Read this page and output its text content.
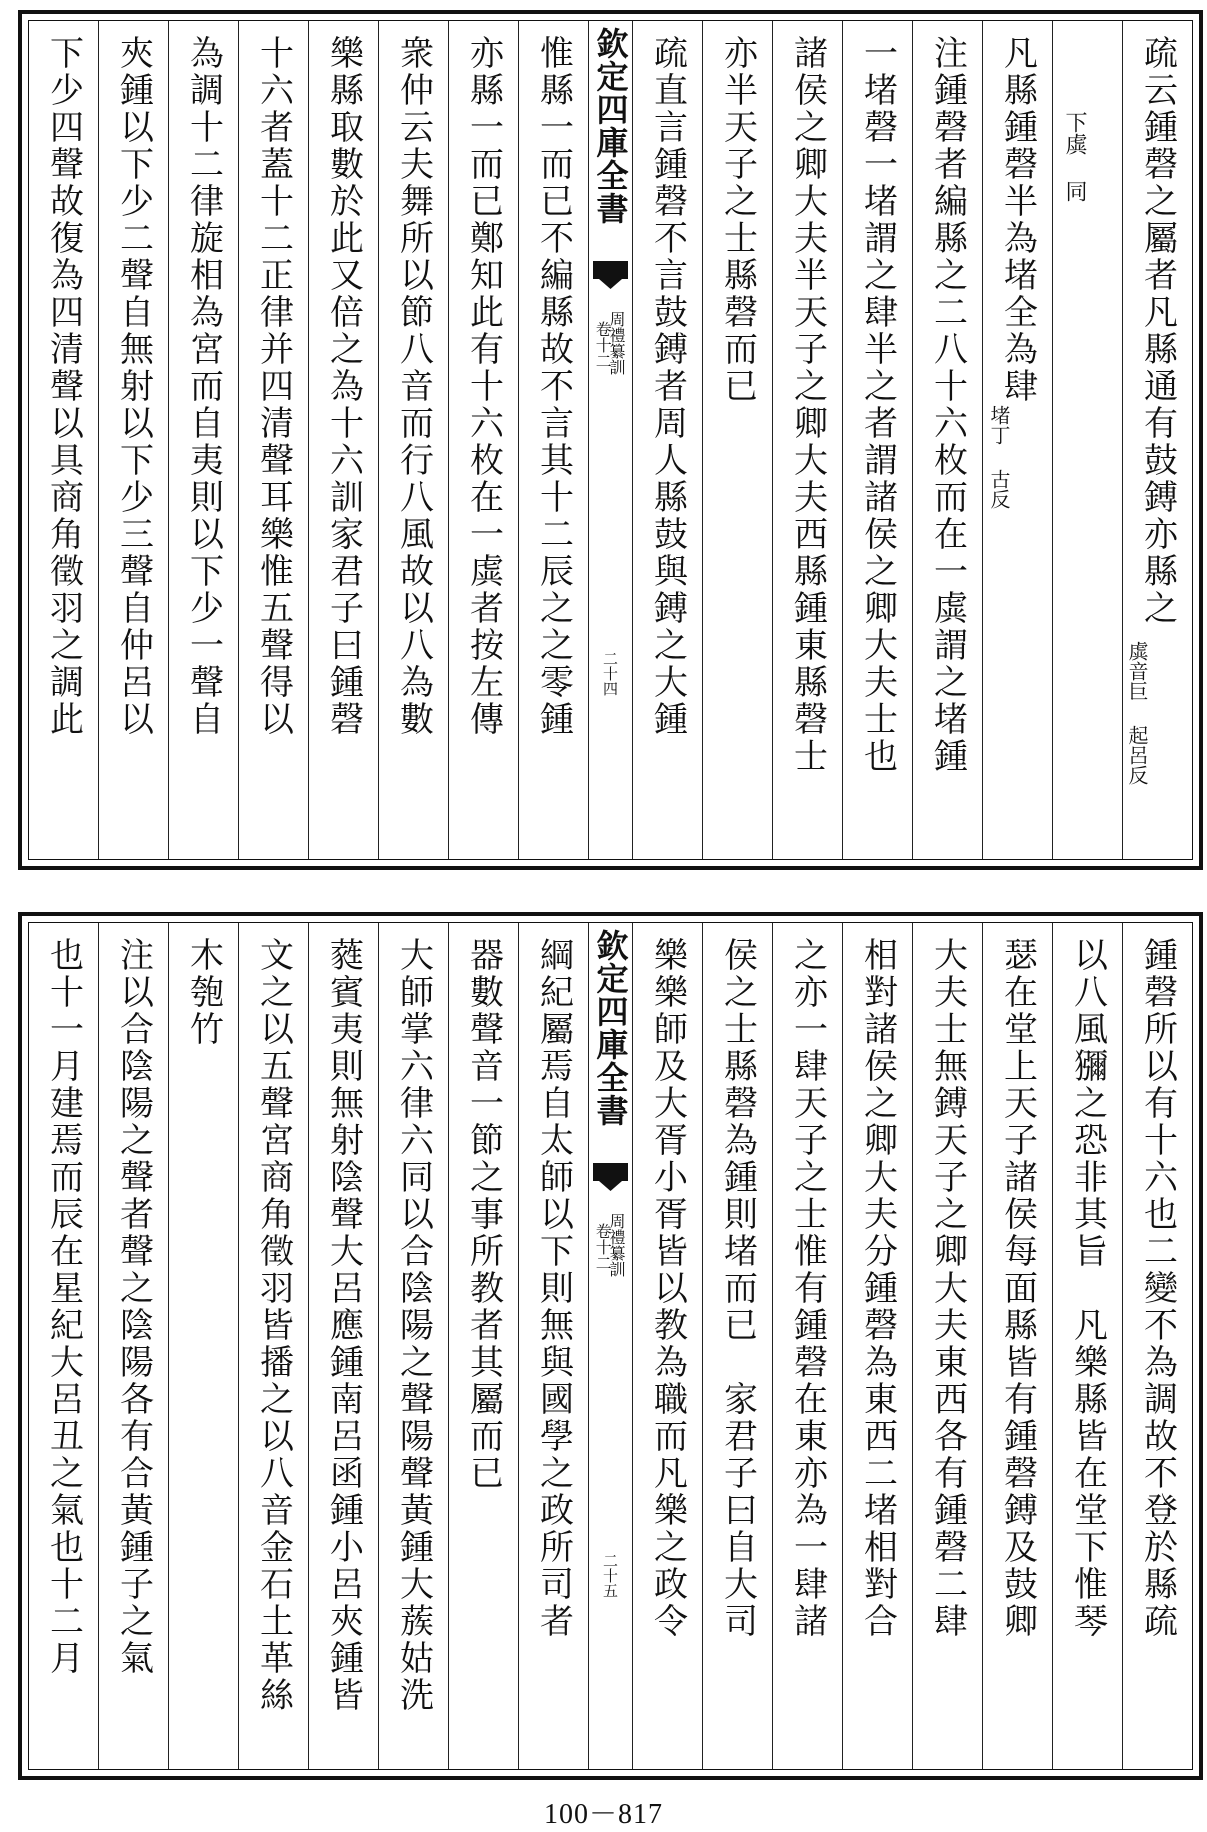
疏云鍾磬之屬者凡縣通有鼓鎛亦縣之
虡音巨 起呂反
下虡 同
凡縣鍾磬半為堵全為肆
堵丁 古反
注鍾磬者編縣之二八十六枚而在一虡謂之堵鍾
一堵磬一堵謂之肆半之者謂諸侯之卿大夫士也
諸侯之卿大夫半天子之卿大夫西縣鍾東縣磬士
亦半天子之士縣磬而已
疏直言鍾磬不言鼓鎛者周人縣鼓與鎛之大鍾
欽定四庫全書
周禮纂訓
卷十二
二十四
惟縣一而已不編縣故不言其十二辰之之零鍾
亦縣一而已鄭知此有十六枚在一虡者按左傳
衆仲云夫舞所以節八音而行八風故以八為數
樂縣取數於此又倍之為十六訓家君子曰鍾磬
十六者蓋十二正律并四清聲耳樂惟五聲得以
為調十二律旋相為宮而自夷則以下少一聲自
夾鍾以下少二聲自無射以下少三聲自仲呂以
下少四聲故復為四清聲以具商角徵羽之調此
鍾磬所以有十六也二變不為調故不登於縣疏
以八風獼之恐非其旨　凡樂縣皆在堂下惟琴
瑟在堂上天子諸侯每面縣皆有鍾磬鎛及鼓卿
大夫士無鎛天子之卿大夫東西各有鍾磬二肆
相對諸侯之卿大夫分鍾磬為東西二堵相對合
之亦一肆天子之士惟有鍾磬在東亦為一肆諸
侯之士縣磬為鍾則堵而已　家君子曰自大司
樂樂師及大胥小胥皆以教為職而凡樂之政令
欽定四庫全書
周禮纂訓
卷十二
二十五
綱紀屬焉自太師以下則無與國學之政所司者
器數聲音一節之事所教者其屬而已
大師掌六律六同以合陰陽之聲陽聲黃鍾大蔟姑洗
蕤賓夷則無射陰聲大呂應鍾南呂函鍾小呂夾鍾皆
文之以五聲宮商角徵羽皆播之以八音金石土革絲
木匏竹
注以合陰陽之聲者聲之陰陽各有合黃鍾子之氣
也十一月建焉而辰在星紀大呂丑之氣也十二月
100－817
